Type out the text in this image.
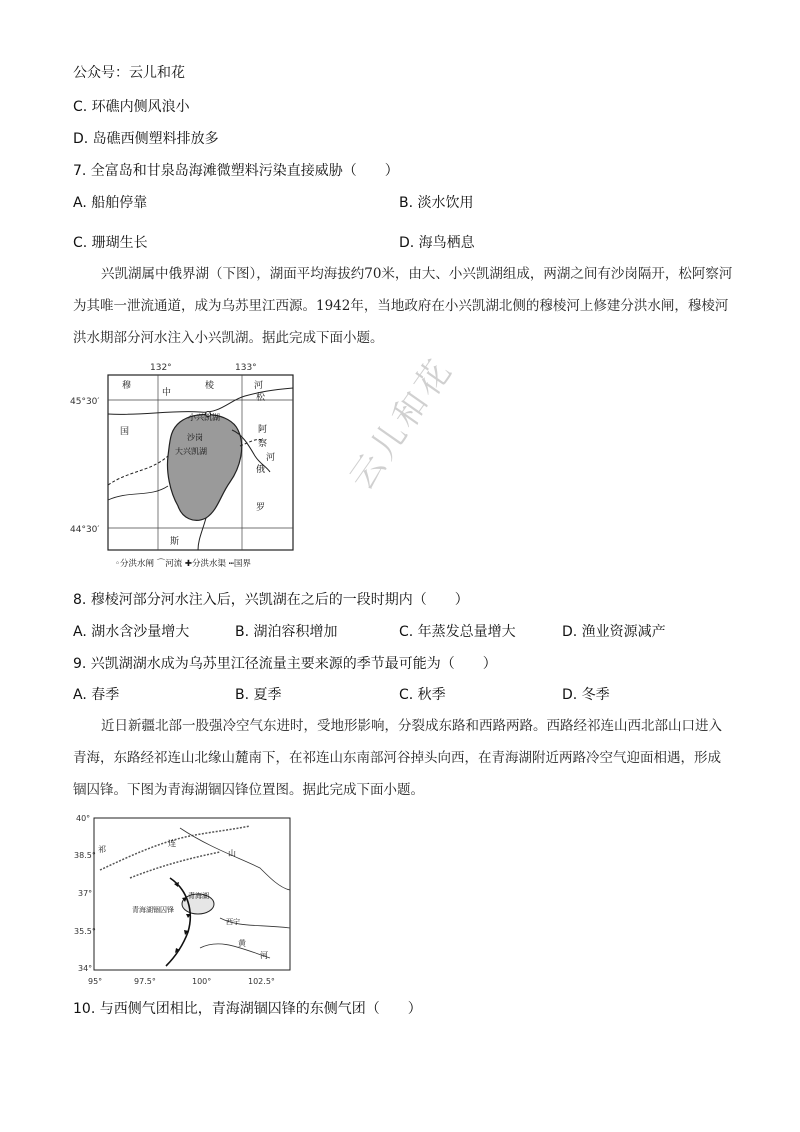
公众号：云儿和花
C. 环礁内侧风浪小
D. 岛礁西侧塑料排放多
7. 全富岛和甘泉岛海滩微塑料污染直接威胁（　　）
A. 船舶停靠	B. 淡水饮用
C. 珊瑚生长	D. 海鸟栖息
兴凯湖属中俄界湖（下图），湖面平均海拔约70米，由大、小兴凯湖组成，两湖之间有沙岗隔开，松阿察河为其唯一泄流通道，成为乌苏里江西源。1942年，当地政府在小兴凯湖北侧的穆棱河上修建分洪水闸，穆棱河洪水期部分河水注入小兴凯湖。据此完成下面小题。
132°	133°
45°30′
44°30′
穆
中
棱	河
国
小兴凯湖
沙岗
大兴凯湖
松
阿
察
河
俄
罗
斯
◦分洪水闸 ⌒河流 ✚分洪水渠 ┅国界
8. 穆棱河部分河水注入后，兴凯湖在之后的一段时期内（　　）
A. 湖水含沙量增大	B. 湖泊容积增加	C. 年蒸发总量增大	D. 渔业资源减产
9. 兴凯湖湖水成为乌苏里江径流量主要来源的季节最可能为（　　）
A. 春季	B. 夏季	C. 秋季	D. 冬季
近日新疆北部一股强冷空气东进时，受地形影响，分裂成东路和西路两路。西路经祁连山西北部山口进入青海，东路经祁连山北缘山麓南下，在祁连山东南部河谷掉头向西，在青海湖附近两路冷空气迎面相遇，形成锢囚锋。下图为青海湖锢囚锋位置图。据此完成下面小题。
40°
38.5°
37°
35.5°
34°
95°	97.5°	100°	102.5°
祁
连
山
青海湖
青海湖锢囚锋
西宁
黄
河
10. 与西侧气团相比，青海湖锢囚锋的东侧气团（　　）
云儿和花
